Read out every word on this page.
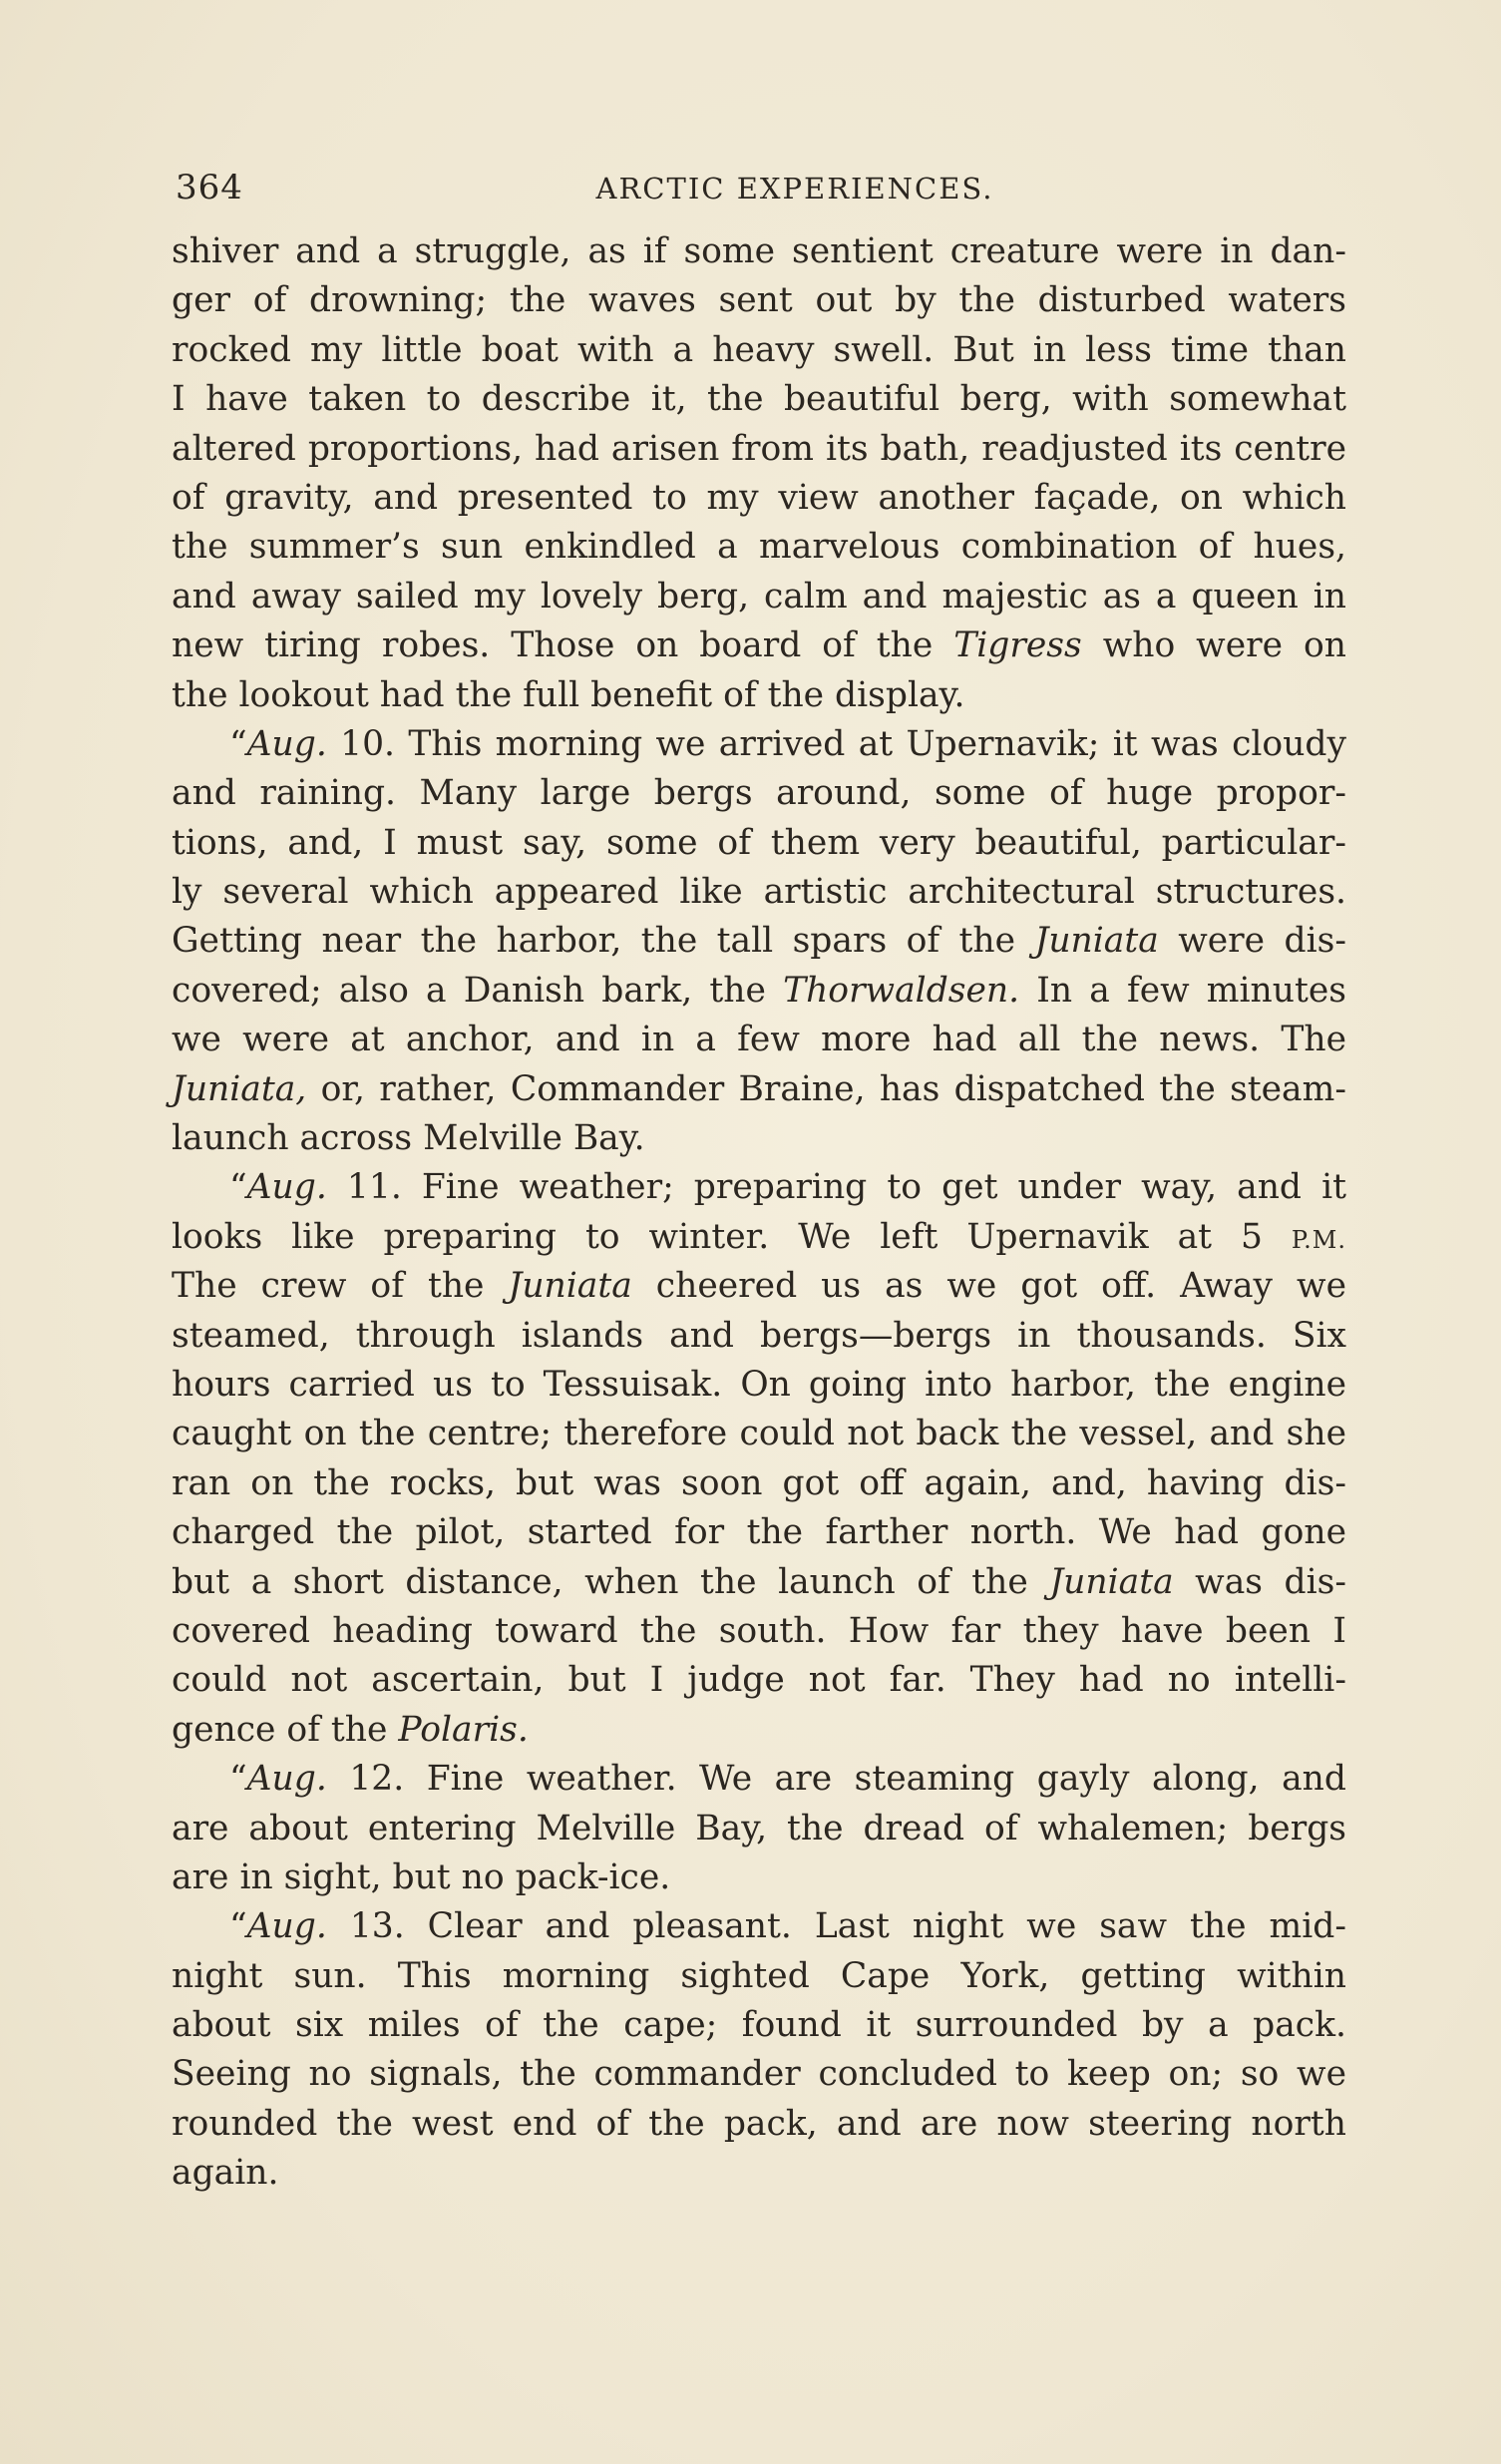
364	ARCTIC EXPERIENCES.
shiver and a struggle, as if some sentient creature were in dan-
ger of drowning; the waves sent out by the disturbed waters
rocked my little boat with a heavy swell. But in less time than
I have taken to describe it, the beautiful berg, with somewhat
altered proportions, had arisen from its bath, readjusted its centre
of gravity, and presented to my view another façade, on which
the summer’s sun enkindled a marvelous combination of hues,
and away sailed my lovely berg, calm and majestic as a queen in
new tiring robes. Those on board of the Tigress who were on
the lookout had the full benefit of the display.
“Aug. 10. This morning we arrived at Upernavik; it was cloudy
and raining. Many large bergs around, some of huge propor-
tions, and, I must say, some of them very beautiful, particular-
ly several which appeared like artistic architectural structures.
Getting near the harbor, the tall spars of the Juniata were dis-
covered; also a Danish bark, the Thorwaldsen. In a few minutes
we were at anchor, and in a few more had all the news. The
Juniata, or, rather, Commander Braine, has dispatched the steam-
launch across Melville Bay.
“Aug. 11. Fine weather; preparing to get under way, and it
looks like preparing to winter. We left Upernavik at 5 P.M.
The crew of the Juniata cheered us as we got off. Away we
steamed, through islands and bergs—bergs in thousands. Six
hours carried us to Tessuisak. On going into harbor, the engine
caught on the centre; therefore could not back the vessel, and she
ran on the rocks, but was soon got off again, and, having dis-
charged the pilot, started for the farther north. We had gone
but a short distance, when the launch of the Juniata was dis-
covered heading toward the south. How far they have been I
could not ascertain, but I judge not far. They had no intelli-
gence of the Polaris.
“Aug. 12. Fine weather. We are steaming gayly along, and
are about entering Melville Bay, the dread of whalemen; bergs
are in sight, but no pack-ice.
“Aug. 13. Clear and pleasant. Last night we saw the mid-
night sun. This morning sighted Cape York, getting within
about six miles of the cape; found it surrounded by a pack.
Seeing no signals, the commander concluded to keep on; so we
rounded the west end of the pack, and are now steering north
again.
